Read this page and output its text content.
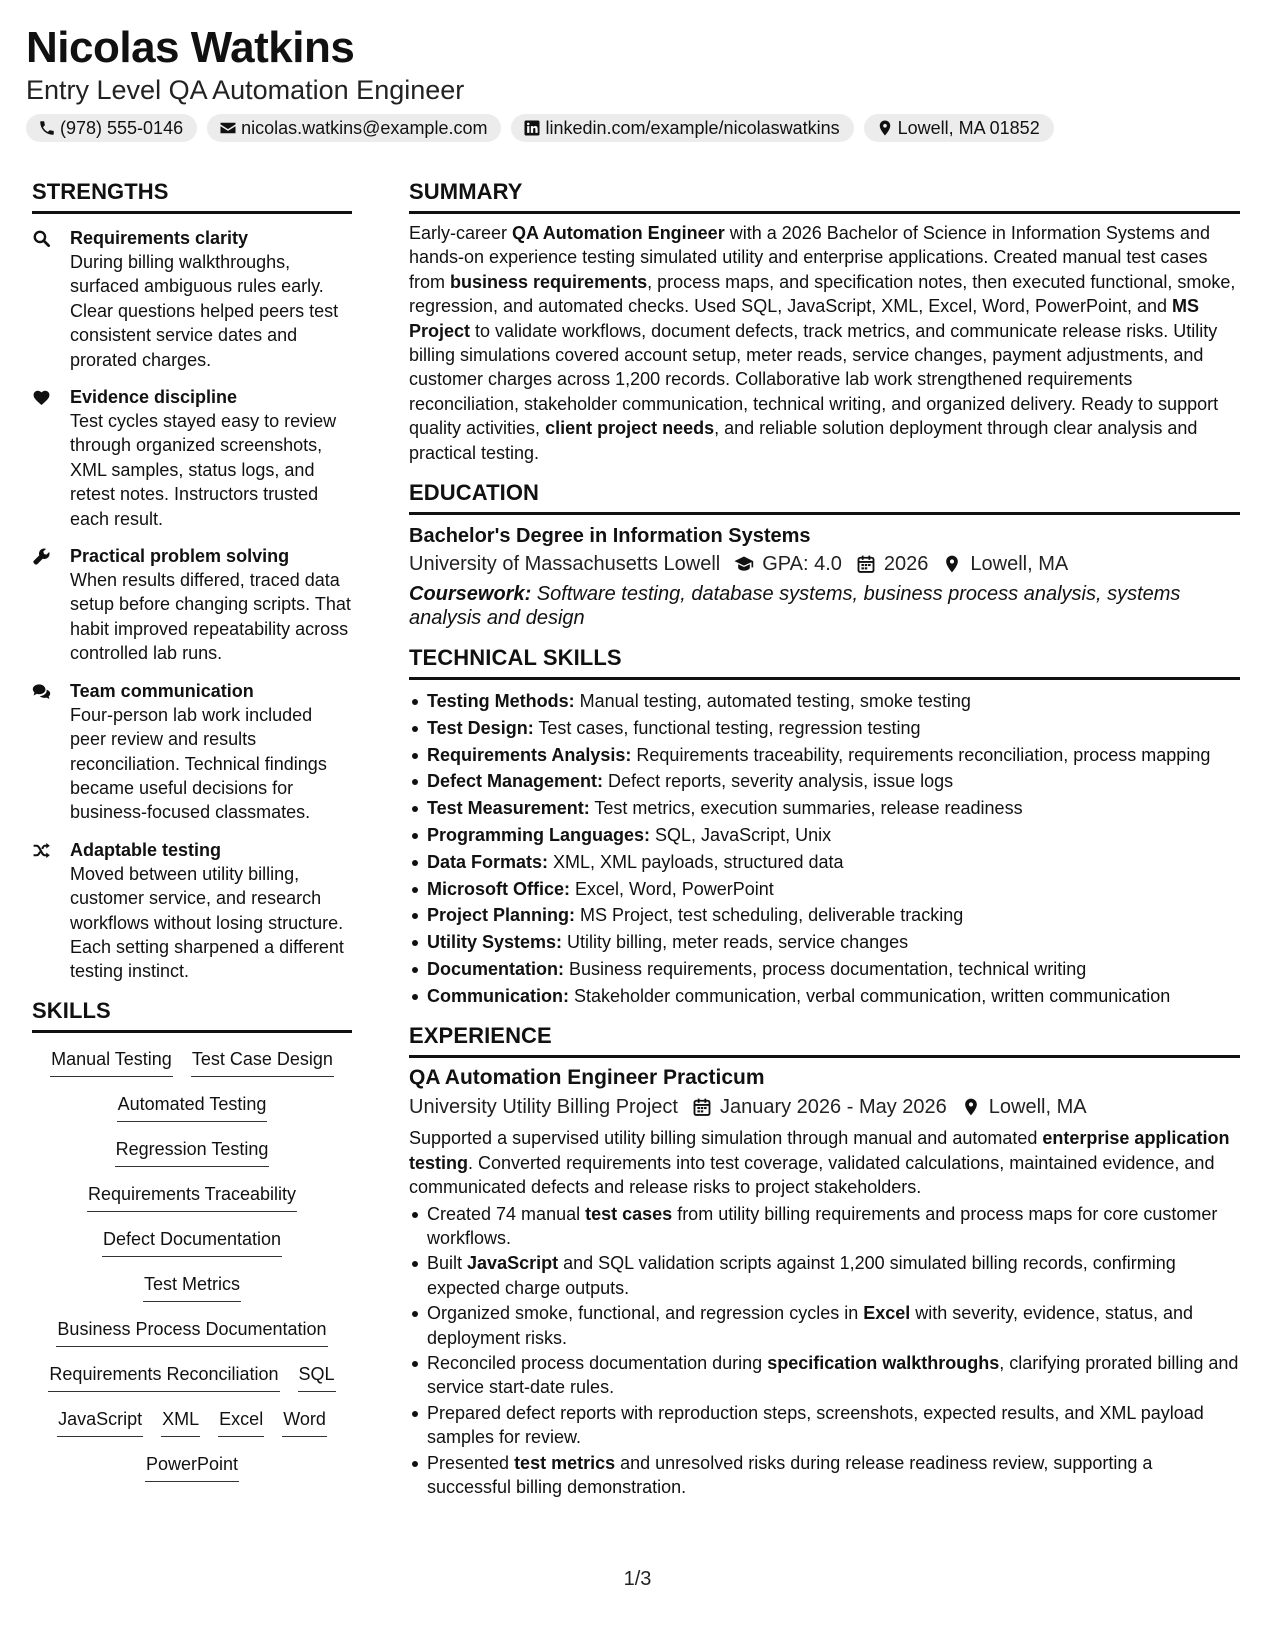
Nicolas Watkins
Entry Level QA Automation Engineer
(978) 555-0146	nicolas.watkins@example.com	linkedin.com/example/nicolaswatkins	Lowell, MA 01852
STRENGTHS
Requirements clarity
During billing walkthroughs, surfaced ambiguous rules early. Clear questions helped peers test consistent service dates and prorated charges.
Evidence discipline
Test cycles stayed easy to review through organized screenshots, XML samples, status logs, and retest notes. Instructors trusted each result.
Practical problem solving
When results differed, traced data setup before changing scripts. That habit improved repeatability across controlled lab runs.
Team communication
Four-person lab work included peer review and results reconciliation. Technical findings became useful decisions for business-focused classmates.
Adaptable testing
Moved between utility billing, customer service, and research workflows without losing structure. Each setting sharpened a different testing instinct.
SKILLS
Manual Testing Test Case Design
Automated Testing
Regression Testing
Requirements Traceability
Defect Documentation
Test Metrics
Business Process Documentation
Requirements Reconciliation SQL
JavaScript XML Excel Word
PowerPoint
SUMMARY
Early-career QA Automation Engineer with a 2026 Bachelor of Science in Information Systems and hands-on experience testing simulated utility and enterprise applications. Created manual test cases from business requirements, process maps, and specification notes, then executed functional, smoke, regression, and automated checks. Used SQL, JavaScript, XML, Excel, Word, PowerPoint, and MS Project to validate workflows, document defects, track metrics, and communicate release risks. Utility billing simulations covered account setup, meter reads, service changes, payment adjustments, and customer charges across 1,200 records. Collaborative lab work strengthened requirements reconciliation, stakeholder communication, technical writing, and organized delivery. Ready to support quality activities, client project needs, and reliable solution deployment through clear analysis and practical testing.
EDUCATION
Bachelor's Degree in Information Systems
University of Massachusetts Lowell GPA: 4.0 2026 Lowell, MA
Coursework: Software testing, database systems, business process analysis, systems analysis and design
TECHNICAL SKILLS
Testing Methods: Manual testing, automated testing, smoke testing
Test Design: Test cases, functional testing, regression testing
Requirements Analysis: Requirements traceability, requirements reconciliation, process mapping
Defect Management: Defect reports, severity analysis, issue logs
Test Measurement: Test metrics, execution summaries, release readiness
Programming Languages: SQL, JavaScript, Unix
Data Formats: XML, XML payloads, structured data
Microsoft Office: Excel, Word, PowerPoint
Project Planning: MS Project, test scheduling, deliverable tracking
Utility Systems: Utility billing, meter reads, service changes
Documentation: Business requirements, process documentation, technical writing
Communication: Stakeholder communication, verbal communication, written communication
EXPERIENCE
QA Automation Engineer Practicum
University Utility Billing Project January 2026 - May 2026 Lowell, MA
Supported a supervised utility billing simulation through manual and automated enterprise application testing. Converted requirements into test coverage, validated calculations, maintained evidence, and communicated defects and release risks to project stakeholders.
Created 74 manual test cases from utility billing requirements and process maps for core customer workflows.
Built JavaScript and SQL validation scripts against 1,200 simulated billing records, confirming expected charge outputs.
Organized smoke, functional, and regression cycles in Excel with severity, evidence, status, and deployment risks.
Reconciled process documentation during specification walkthroughs, clarifying prorated billing and service start-date rules.
Prepared defect reports with reproduction steps, screenshots, expected results, and XML payload samples for review.
Presented test metrics and unresolved risks during release readiness review, supporting a successful billing demonstration.
1/3
